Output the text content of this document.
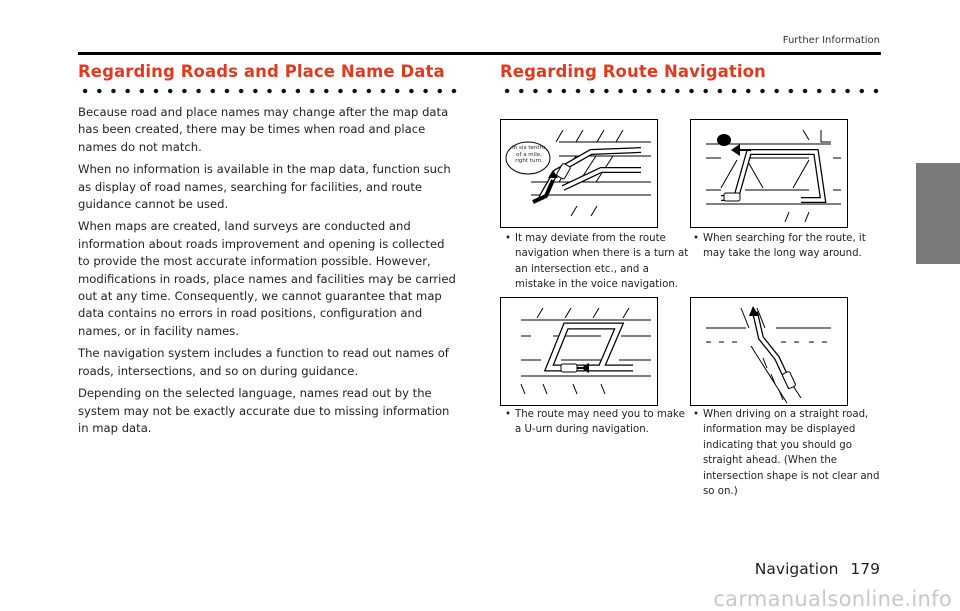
Further Information
Regarding Roads and Place Name Data

Because road and place names may change after the map data has been created, there may be times when road and place names do not match.

When no information is available in the map data, function such as display of road names, searching for facilities, and route guidance cannot be used.

When maps are created, land surveys are conducted and information about roads improvement and opening is collected to provide the most accurate information possible. However, modifications in roads, place names and facilities may be carried out at any time. Consequently, we cannot guarantee that map data contains no errors in road positions, configuration and names, or in facility names.

The navigation system includes a function to read out names of roads, intersections, and so on during guidance.

Depending on the selected language, names read out by the system may not be exactly accurate due to missing information in map data.

Regarding Route Navigation
In six tenths of a mile, right turn.
• It may deviate from the route navigation when there is a turn at an intersection etc., and a mistake in the voice navigation.
• When searching for the route, it may take the long way around.
• The route may need you to make a U-urn during navigation.
• When driving on a straight road, information may be displayed indicating that you should go straight ahead. (When the intersection shape is not clear and so on.)
Navigation 179
carmanualsonline.info
